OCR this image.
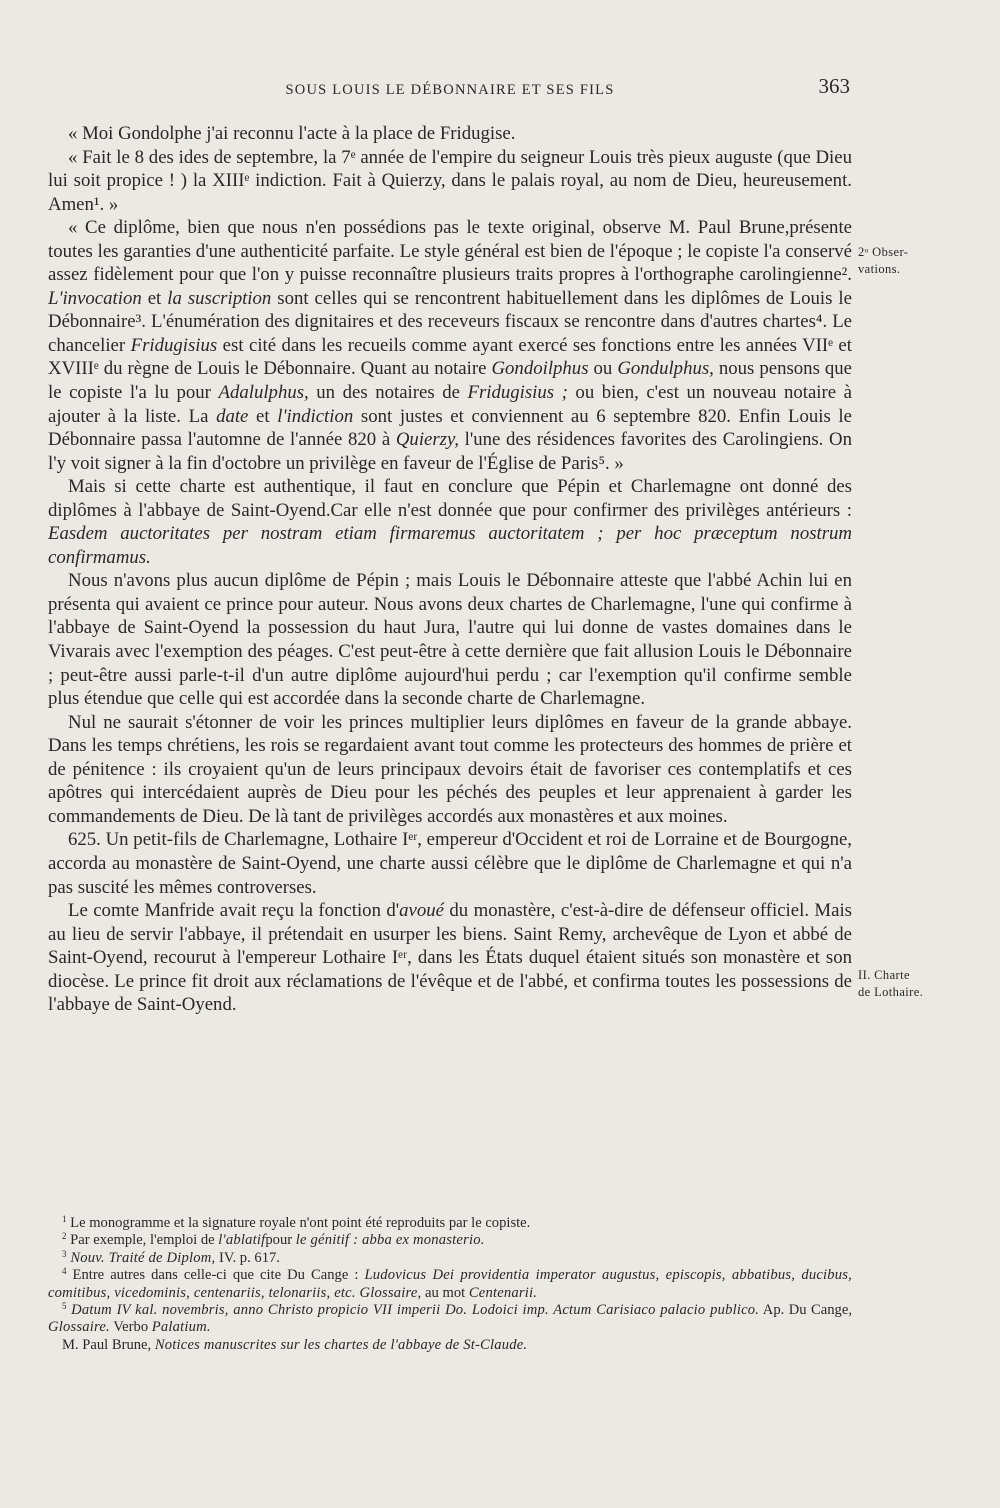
SOUS LOUIS LE DÉBONNAIRE ET SES FILS	363

« Moi Gondolphe j'ai reconnu l'acte à la place de Fridugise.

« Fait le 8 des ides de septembre, la 7ᵉ année de l'empire du seigneur Louis très pieux auguste (que Dieu lui soit propice ! ) la XIIIᵉ indiction. Fait à Quierzy, dans le palais royal, au nom de Dieu, heureusement. Amen¹. »

« Ce diplôme, bien que nous n'en possédions pas le texte original, observe M. Paul Brune,présente toutes les garanties d'une authenticité parfaite. Le style général est bien de l'époque ; le copiste l'a conservé assez fidèlement pour que l'on y puisse reconnaître plusieurs traits propres à l'orthographe carolingienne². L'invocation et la suscription sont celles qui se rencontrent habituellement dans les diplômes de Louis le Débonnaire³. L'énumération des dignitaires et des receveurs fiscaux se rencontre dans d'autres chartes⁴. Le chancelier Fridugisius est cité dans les recueils comme ayant exercé ses fonctions entre les années VIIᵉ et XVIIIᵉ du règne de Louis le Débonnaire. Quant au notaire Gondoilphus ou Gondulphus, nous pensons que le copiste l'a lu pour Adalulphus, un des notaires de Fridugisius ; ou bien, c'est un nouveau notaire à ajouter à la liste. La date et l'indiction sont justes et conviennent au 6 septembre 820. Enfin Louis le Débonnaire passa l'automne de l'année 820 à Quierzy, l'une des résidences favorites des Carolingiens. On l'y voit signer à la fin d'octobre un privilège en faveur de l'Église de Paris⁵. »

Mais si cette charte est authentique, il faut en conclure que Pépin et Charlemagne ont donné des diplômes à l'abbaye de Saint-Oyend.Car elle n'est donnée que pour confirmer des privilèges antérieurs : Easdem auctoritates per nostram etiam firmaremus auctoritatem ; per hoc præceptum nostrum confirmamus.

Nous n'avons plus aucun diplôme de Pépin ; mais Louis le Débonnaire atteste que l'abbé Achin lui en présenta qui avaient ce prince pour auteur. Nous avons deux chartes de Charlemagne, l'une qui confirme à l'abbaye de Saint-Oyend la possession du haut Jura, l'autre qui lui donne de vastes domaines dans le Vivarais avec l'exemption des péages. C'est peut-être à cette dernière que fait allusion Louis le Débonnaire ; peut-être aussi parle-t-il d'un autre diplôme aujourd'hui perdu ; car l'exemption qu'il confirme semble plus étendue que celle qui est accordée dans la seconde charte de Charlemagne.

Nul ne saurait s'étonner de voir les princes multiplier leurs diplômes en faveur de la grande abbaye. Dans les temps chrétiens, les rois se regardaient avant tout comme les protecteurs des hommes de prière et de pénitence : ils croyaient qu'un de leurs principaux devoirs était de favoriser ces contemplatifs et ces apôtres qui intercédaient auprès de Dieu pour les péchés des peuples et leur apprenaient à garder les commandements de Dieu. De là tant de privilèges accordés aux monastères et aux moines.

625. Un petit-fils de Charlemagne, Lothaire Iᵉʳ, empereur d'Occident et roi de Lorraine et de Bourgogne, accorda au monastère de Saint-Oyend, une charte aussi célèbre que le diplôme de Charlemagne et qui n'a pas suscité les mêmes controverses.

Le comte Manfride avait reçu la fonction d'avoué du monastère, c'est-à-dire de défenseur officiel. Mais au lieu de servir l'abbaye, il prétendait en usurper les biens. Saint Remy, archevêque de Lyon et abbé de Saint-Oyend, recourut à l'empereur Lothaire Iᵉʳ, dans les États duquel étaient situés son monastère et son diocèse. Le prince fit droit aux réclamations de l'évêque et de l'abbé, et confirma toutes les possessions de l'abbaye de Saint-Oyend.

2ᵒ Obser-
vations.
II. Charte
de Lothaire.

$^1$ Le monogramme et la signature royale n'ont point été reproduits par le copiste.

$^2$ Par exemple, l'emploi de l'ablatifpour le génitif : abba ex monasterio.

$^3$ Nouv. Traité de Diplom, IV. p. 617.

$^4$ Entre autres dans celle-ci que cite Du Cange : Ludovicus Dei providentia imperator augustus, episcopis, abbatibus, ducibus, comitibus, vicedominis, centenariis, telonariis, etc. Glossaire, au mot Centenarii.

$^5$ Datum IV kal. novembris, anno Christo propicio VII imperii Do. Lodoici imp. Actum Carisiaco palacio publico. Ap. Du Cange, Glossaire. Verbo Palatium.

M. Paul Brune, Notices manuscrites sur les chartes de l'abbaye de St-Claude.
